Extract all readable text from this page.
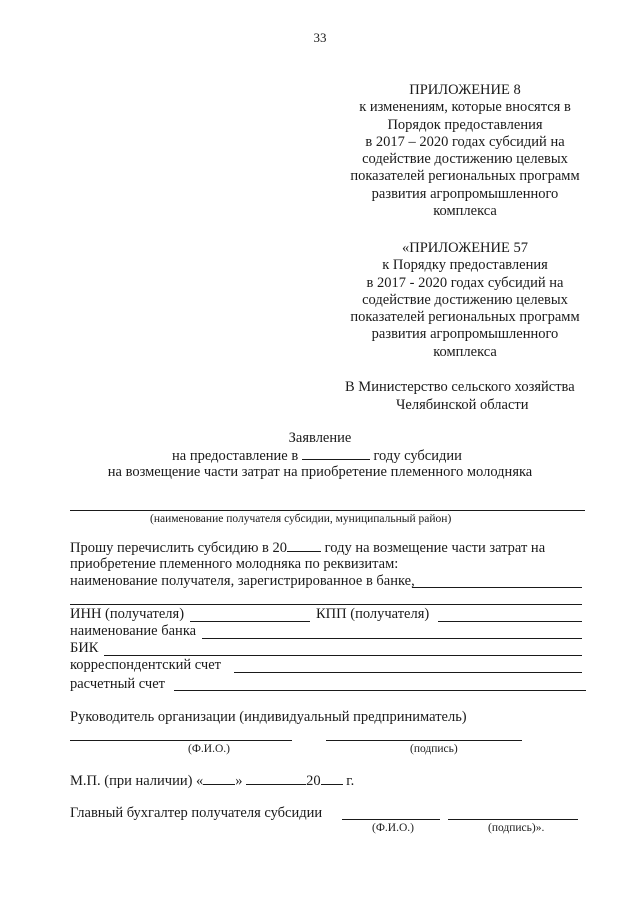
33
ПРИЛОЖЕНИЕ 8
к изменениям, которые вносятся в
Порядок предоставления
в 2017 – 2020 годах субсидий на
содействие достижению целевых
показателей региональных программ
развития агропромышленного
комплекса
«ПРИЛОЖЕНИЕ 57
к Порядку предоставления
в 2017 - 2020 годах субсидий на
содействие достижению целевых
показателей региональных программ
развития агропромышленного
комплекса
В Министерство сельского хозяйства
Челябинской области
Заявление
на предоставление в	году субсидии
на возмещение части затрат на приобретение племенного молодняка
(наименование получателя субсидии, муниципальный район)
Прошу перечислить субсидию в 20	году на возмещение части затрат на
приобретение племенного молодняка по реквизитам:
наименование получателя, зарегистрированное в банке,
ИНН (получателя)	КПП (получателя)
наименование банка
БИК
корреспондентский счет
расчетный счет
Руководитель организации (индивидуальный предприниматель)
(Ф.И.О.)	(подпись)
М.П. (при наличии) « »	20 г.
Главный бухгалтер получателя субсидии
(Ф.И.О.)	(подпись)».
